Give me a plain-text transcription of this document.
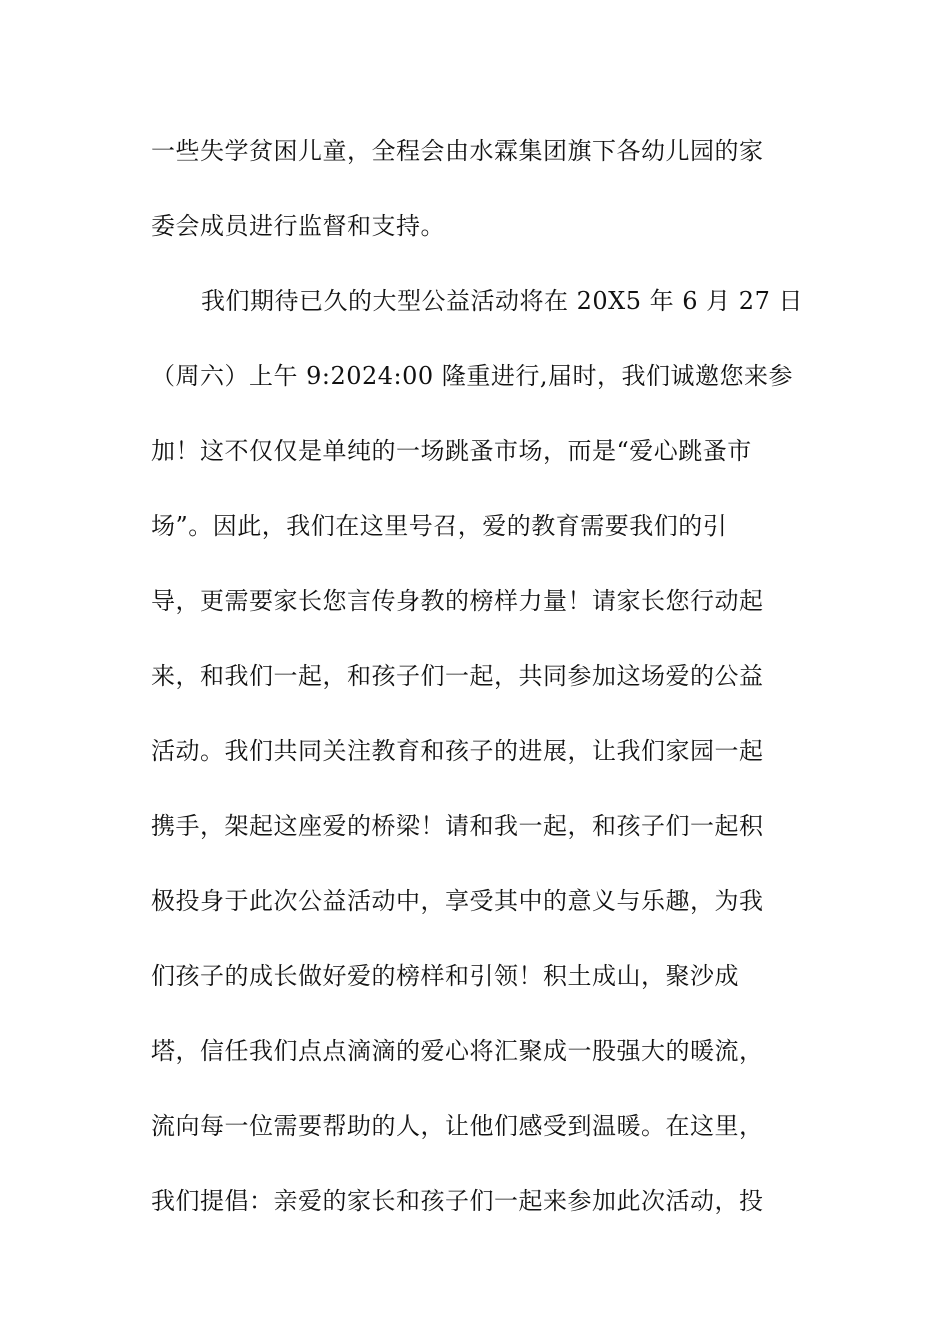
一些失学贫困儿童，全程会由水霖集团旗下各幼儿园的家
委会成员进行监督和支持。
我们期待已久的大型公益活动将在 20X5 年 6 月 27 日
（周六）上午 9:2024:00 隆重进行,届时，我们诚邀您来参
加！这不仅仅是单纯的一场跳蚤市场，而是“爱心跳蚤市
场”。因此，我们在这里号召，爱的教育需要我们的引
导，更需要家长您言传身教的榜样力量！请家长您行动起
来，和我们一起，和孩子们一起，共同参加这场爱的公益
活动。我们共同关注教育和孩子的进展，让我们家园一起
携手，架起这座爱的桥梁！请和我一起，和孩子们一起积
极投身于此次公益活动中，享受其中的意义与乐趣，为我
们孩子的成长做好爱的榜样和引领！积土成山，聚沙成
塔，信任我们点点滴滴的爱心将汇聚成一股强大的暖流，
流向每一位需要帮助的人，让他们感受到温暖。在这里，
我们提倡：亲爱的家长和孩子们一起来参加此次活动，投
